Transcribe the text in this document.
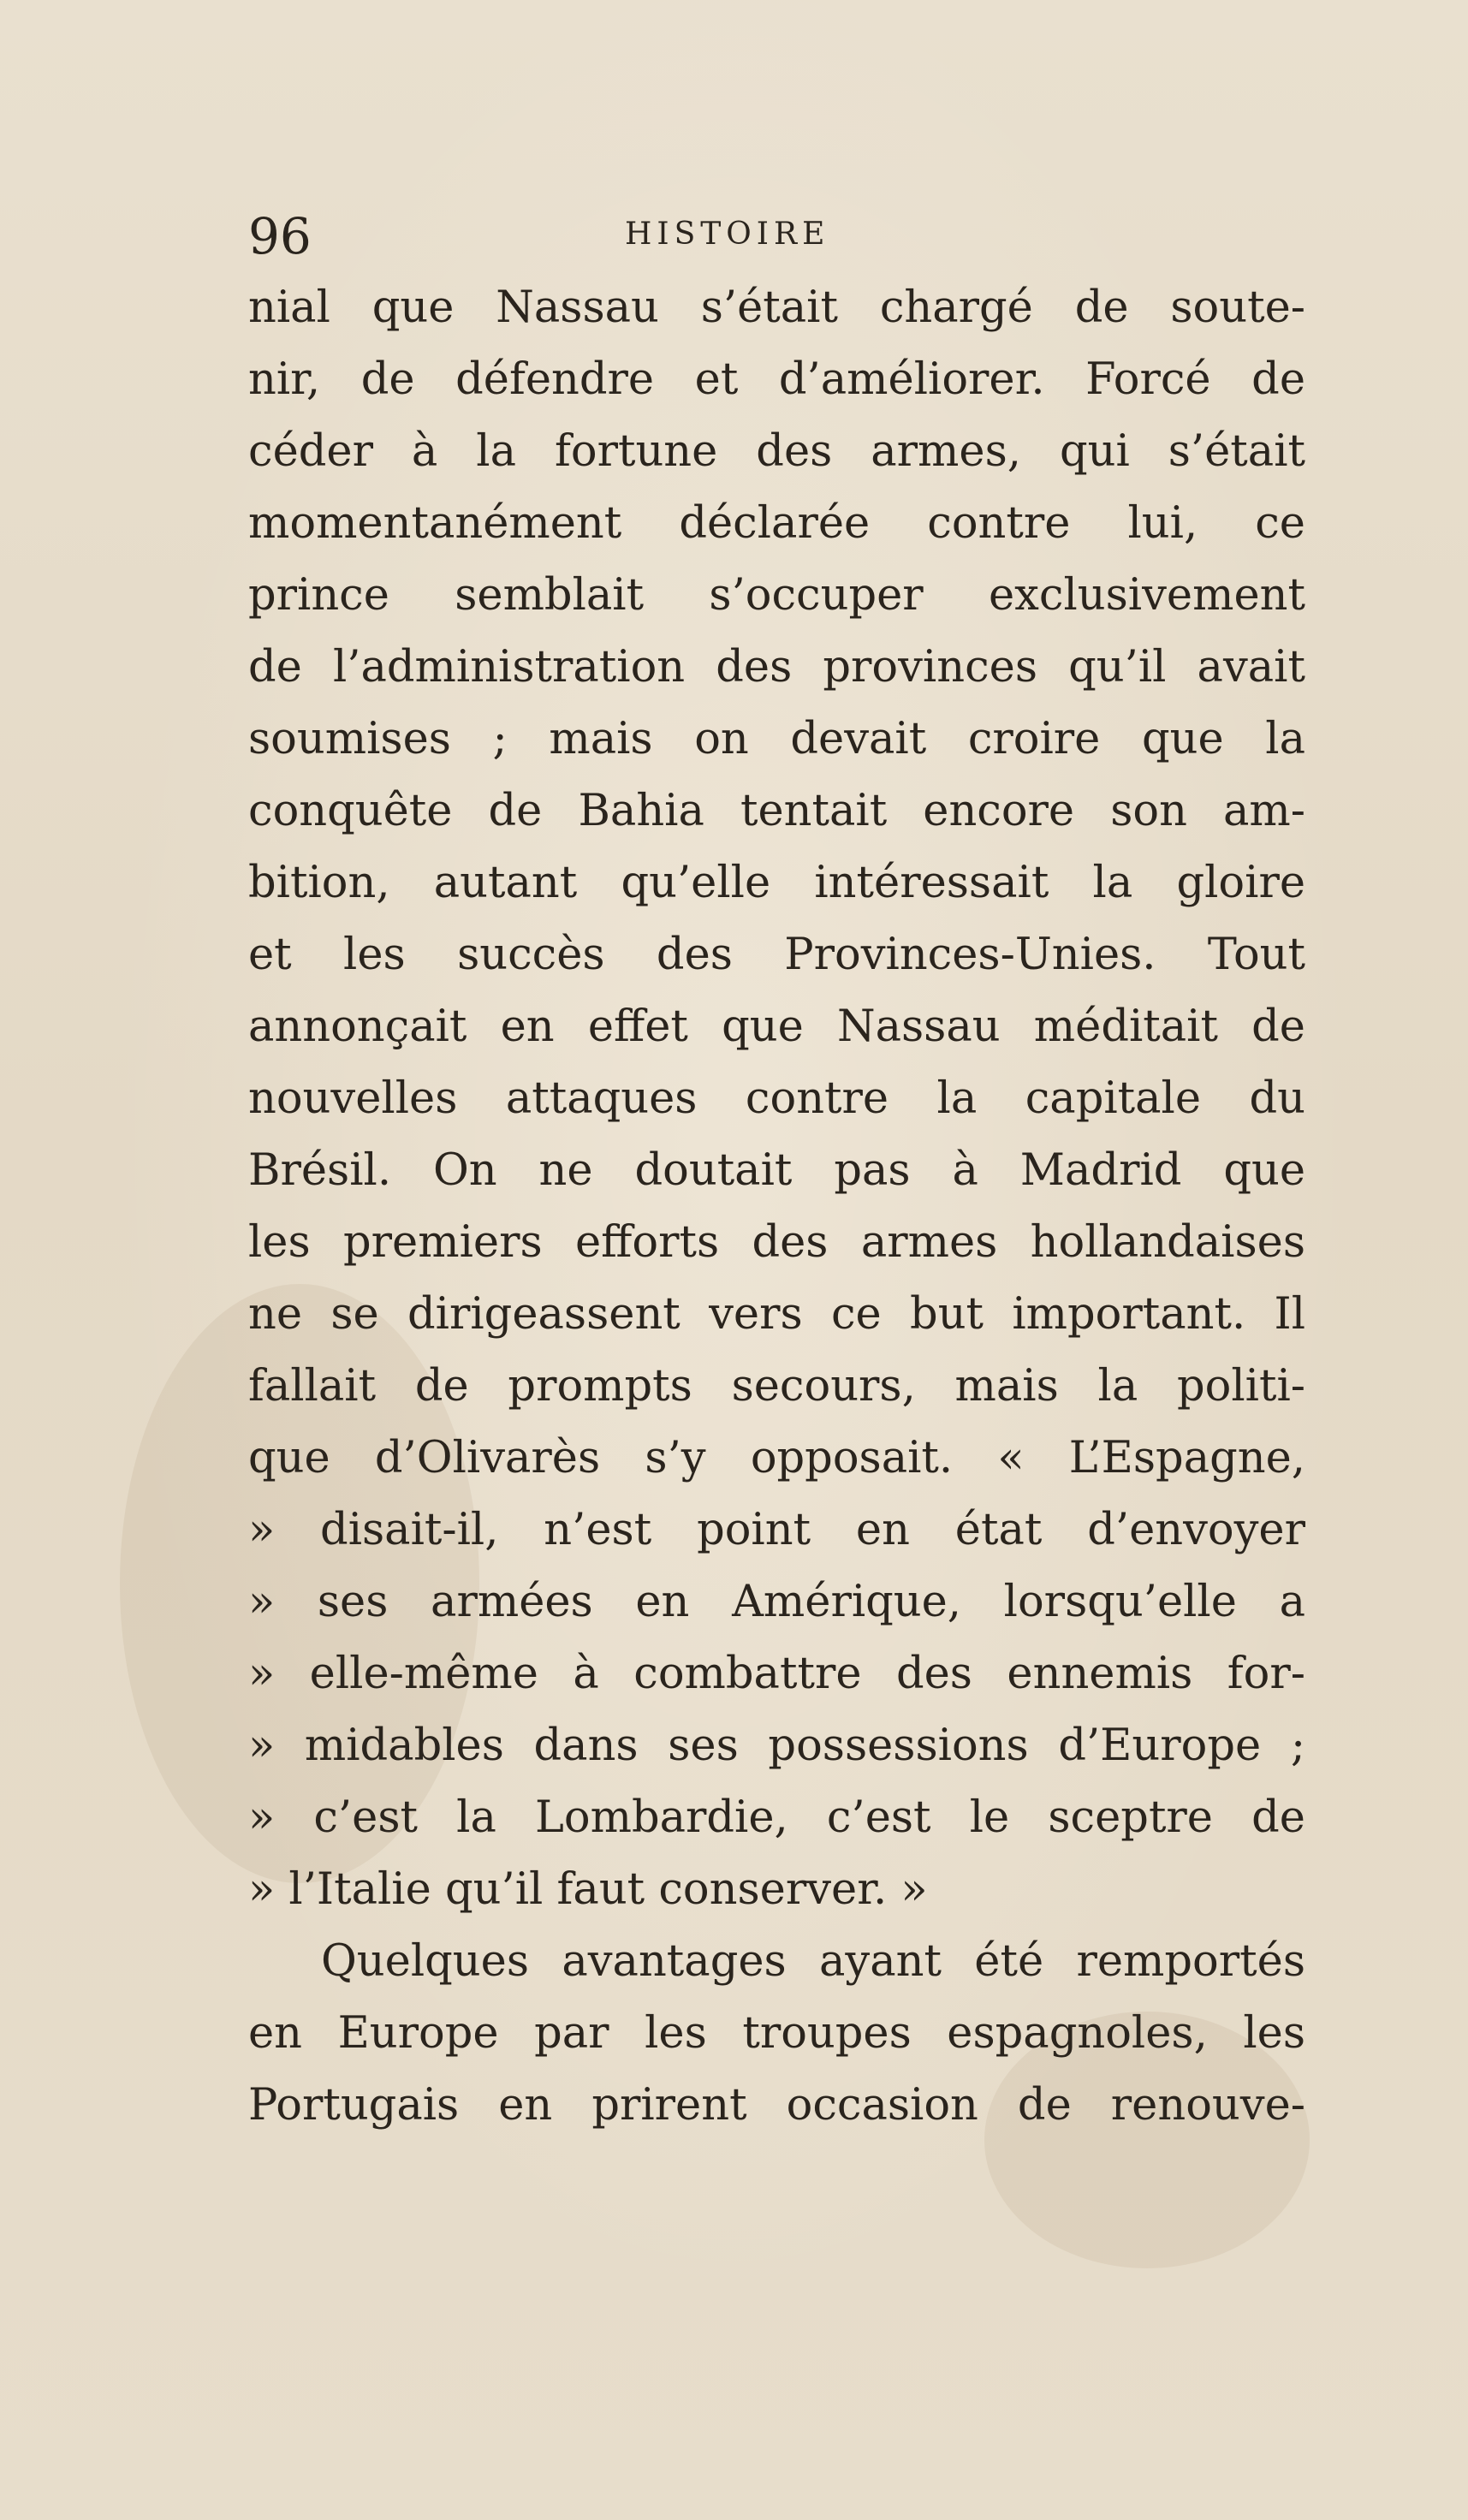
96	HISTOIRE
nial que Nassau s’était chargé de soute-
nir, de défendre et d’améliorer. Forcé de
céder à la fortune des armes, qui s’était
momentanément déclarée contre lui, ce
prince semblait s’occuper exclusivement
de l’administration des provinces qu’il avait
soumises ; mais on devait croire que la
conquête de Bahia tentait encore son am-
bition, autant qu’elle intéressait la gloire
et les succès des Provinces-Unies. Tout
annonçait en effet que Nassau méditait de
nouvelles attaques contre la capitale du
Brésil. On ne doutait pas à Madrid que
les premiers efforts des armes hollandaises
ne se dirigeassent vers ce but important. Il
fallait de prompts secours, mais la politi-
que d’Olivarès s’y opposait. « L’Espagne,
» disait-il, n’est point en état d’envoyer
» ses armées en Amérique, lorsqu’elle a
» elle-même à combattre des ennemis for-
» midables dans ses possessions d’Europe ;
» c’est la Lombardie, c’est le sceptre de
» l’Italie qu’il faut conserver. »
Quelques avantages ayant été remportés
en Europe par les troupes espagnoles, les
Portugais en prirent occasion de renouve-
